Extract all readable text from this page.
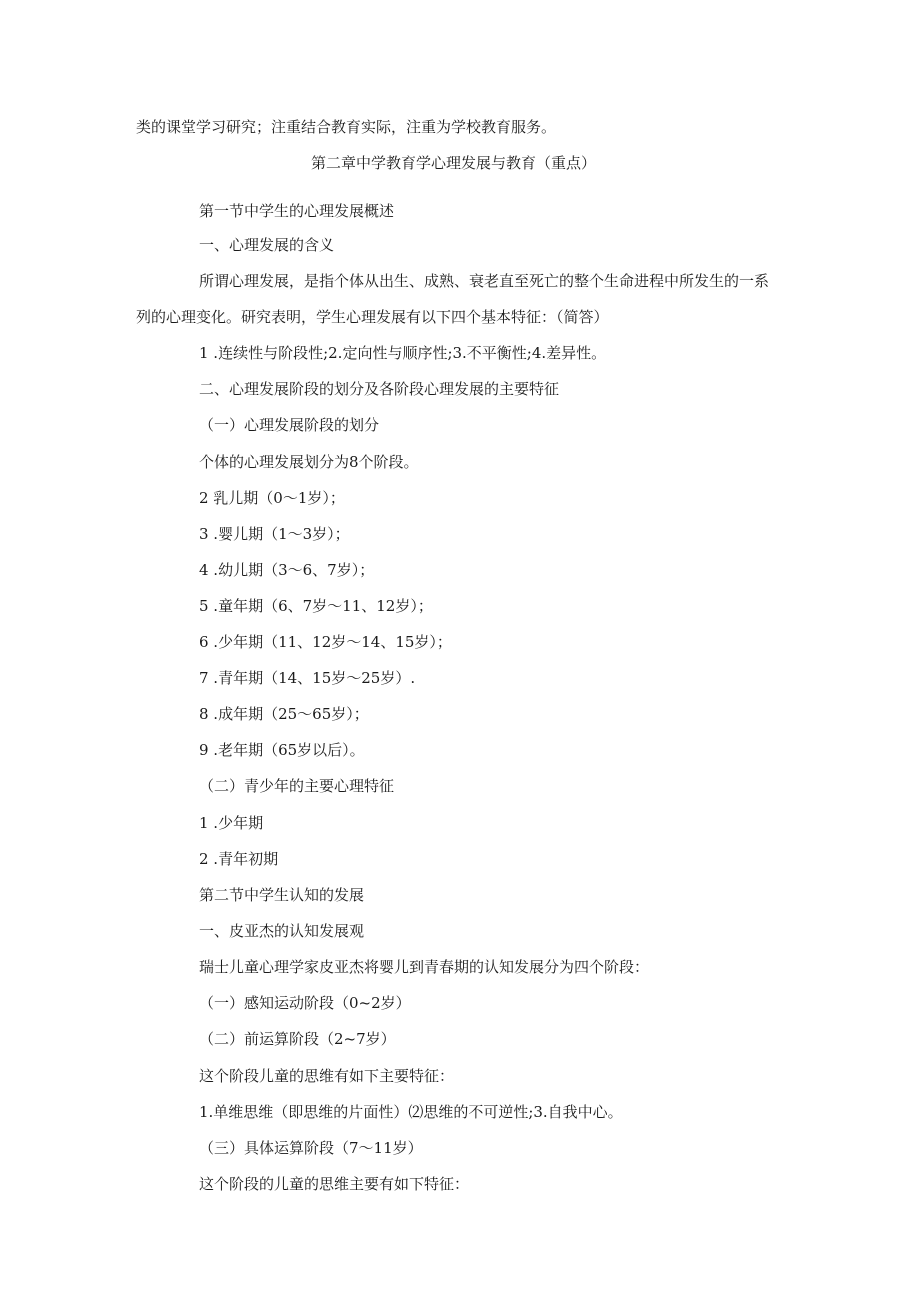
类的课堂学习研究；注重结合教育实际，注重为学校教育服务。
第二章中学教育学心理发展与教育（重点）
第一节中学生的心理发展概述
一、心理发展的含义
所谓心理发展，是指个体从出生、成熟、衰老直至死亡的整个生命进程中所发生的一系
列的心理变化。研究表明，学生心理发展有以下四个基本特征：（简答）
1 .连续性与阶段性;2.定向性与顺序性;3.不平衡性;4.差异性。
二、心理发展阶段的划分及各阶段心理发展的主要特征
（一）心理发展阶段的划分
个体的心理发展划分为8个阶段。
2 乳儿期（0～1岁）；
3 .婴儿期（1～3岁）；
4 .幼儿期（3～6、7岁）；
5 .童年期（6、7岁～11、12岁）；
6 .少年期（11、12岁～14、15岁）；
7 .青年期（14、15岁～25岁）.
8 .成年期（25～65岁）；
9 .老年期（65岁以后）。
（二）青少年的主要心理特征
1 .少年期
2 .青年初期
第二节中学生认知的发展
一、皮亚杰的认知发展观
瑞士儿童心理学家皮亚杰将婴儿到青春期的认知发展分为四个阶段：
（一）感知运动阶段（0~2岁）
（二）前运算阶段（2~7岁）
这个阶段儿童的思维有如下主要特征：
1.单维思维（即思维的片面性）⑵思维的不可逆性;3.自我中心。
（三）具体运算阶段（7～11岁）
这个阶段的儿童的思维主要有如下特征：
